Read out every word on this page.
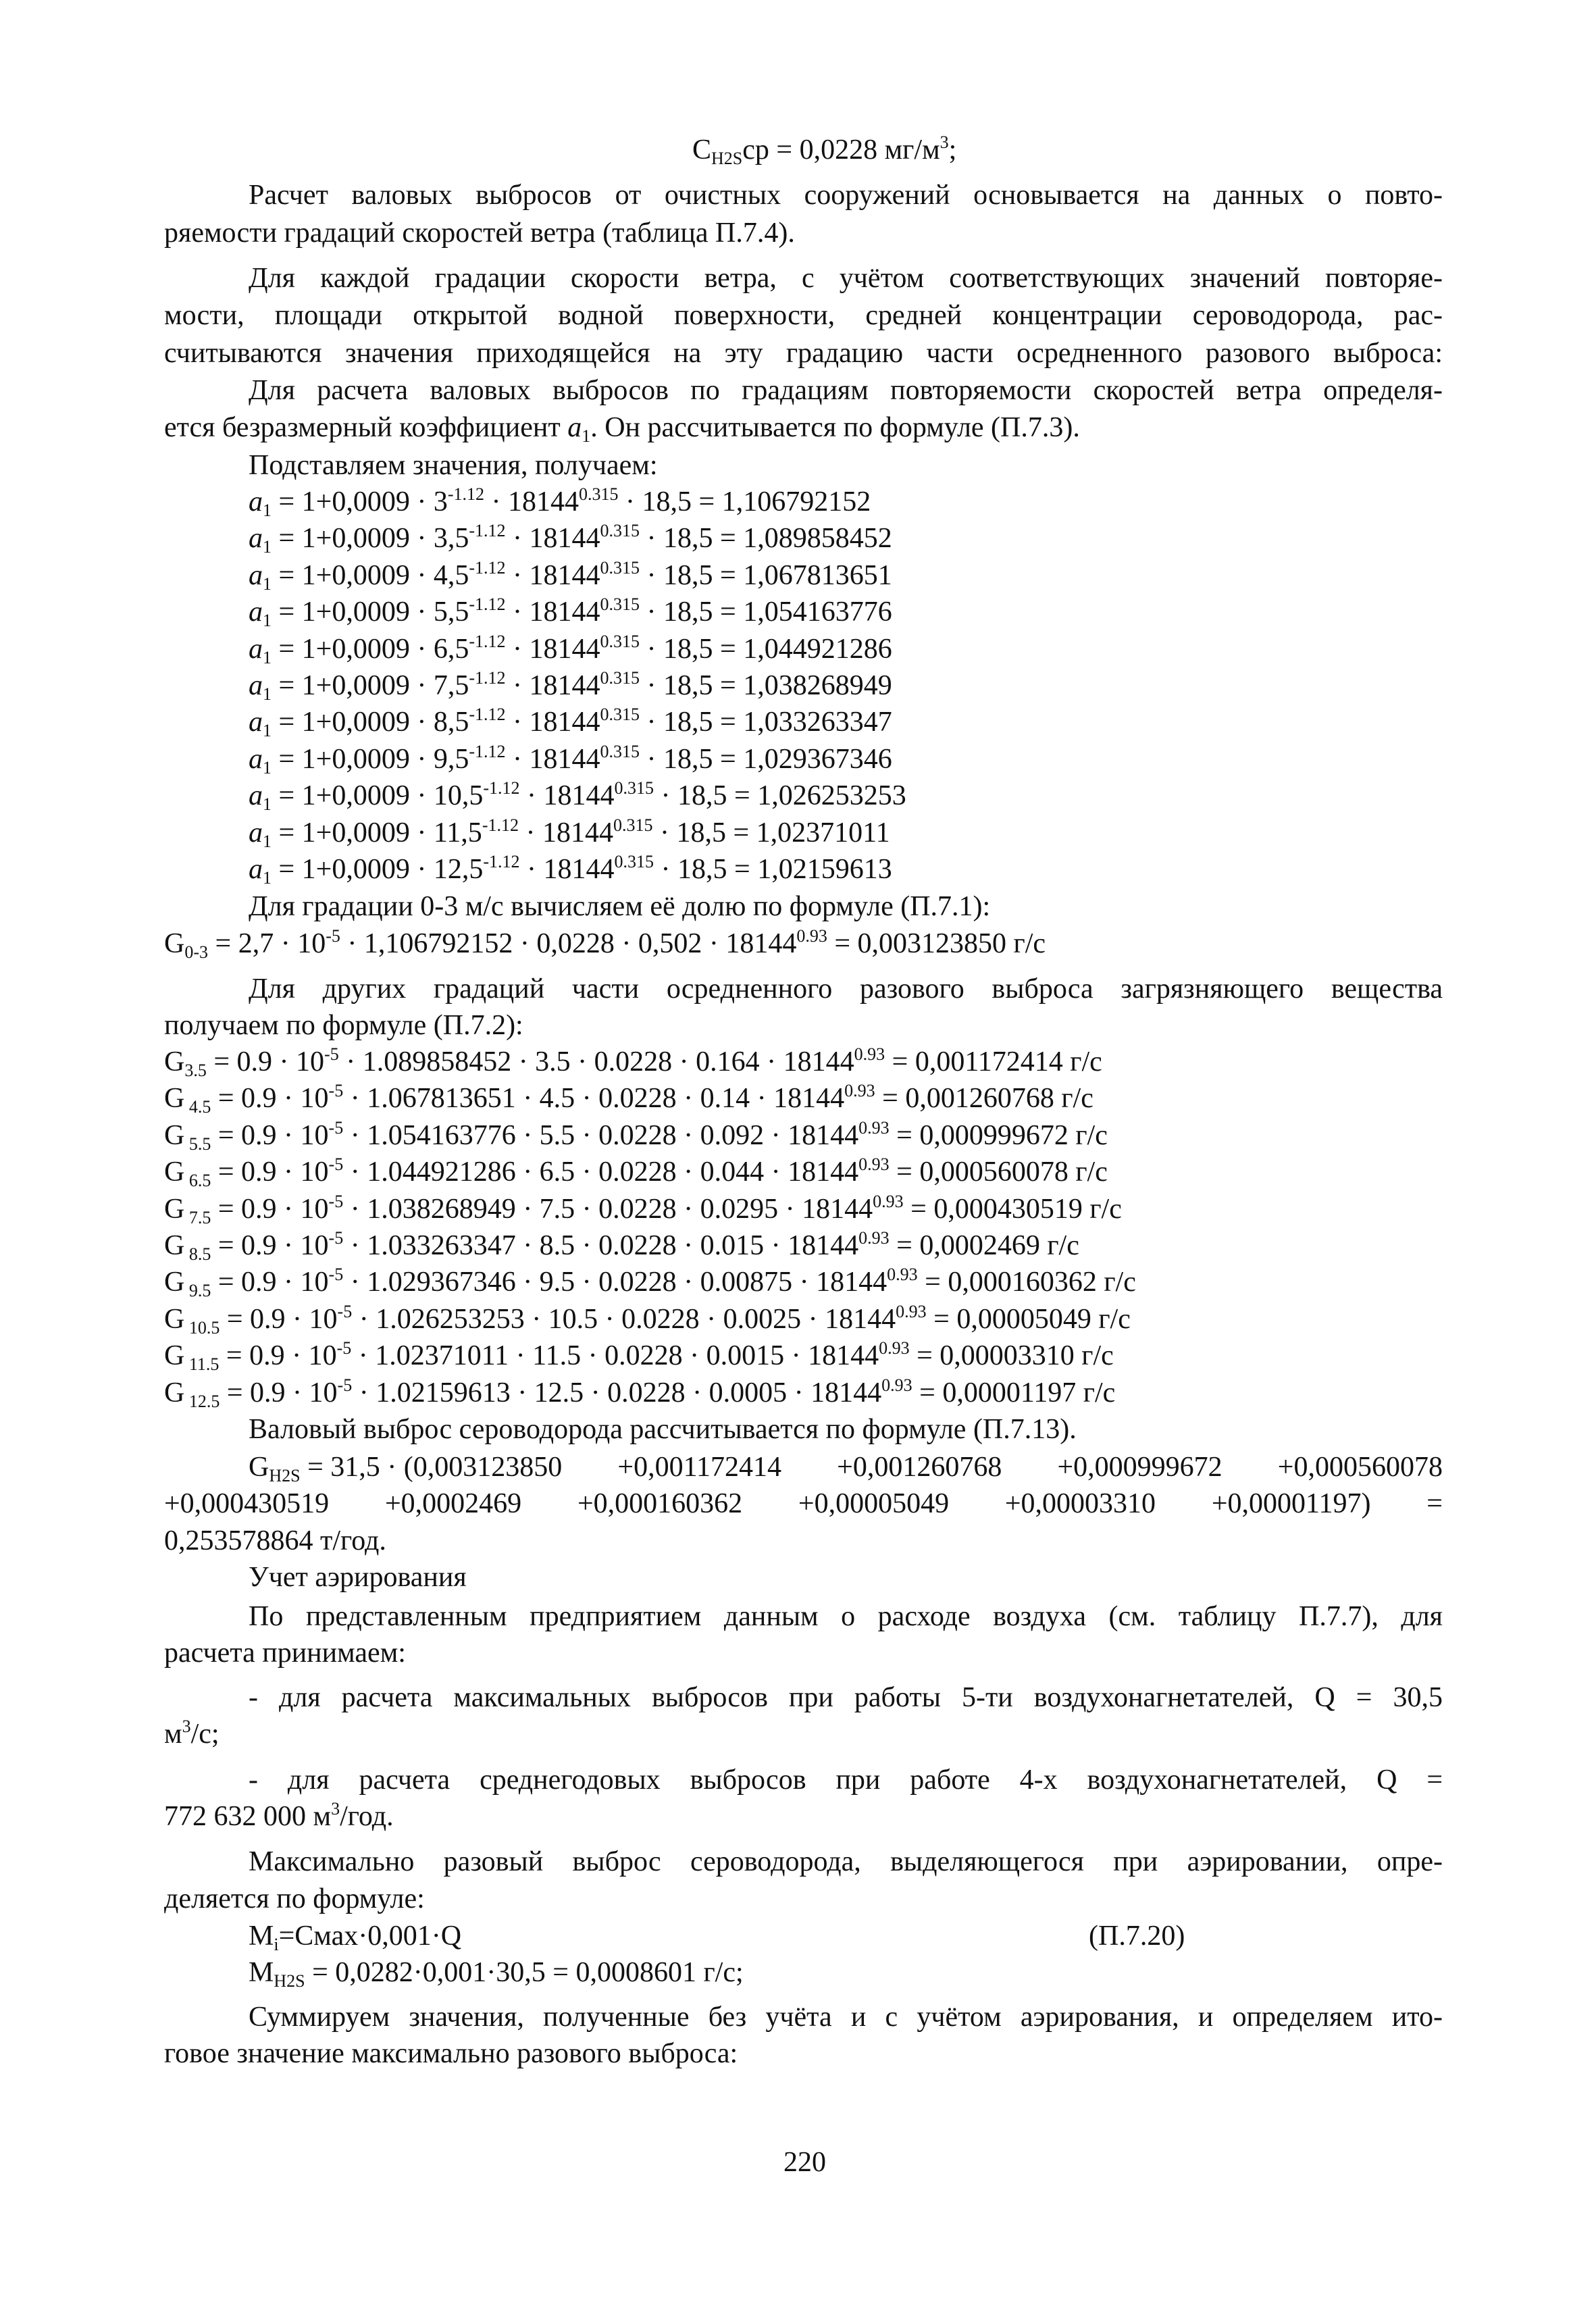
$C_{H2S}ср = 0,0228$ $мг/м^3$;
Расчет валовых выбросов от очистных сооружений основывается на данных о повто-
ряемости градаций скоростей ветра (таблица П.7.4).
Для каждой градации скорости ветра, с учётом соответствующих значений повторяе-
мости, площади открытой водной поверхности, средней концентрации сероводорода, рас-
считываются значения приходящейся на эту градацию части осредненного разового выброса:
Для расчета валовых выбросов по градациям повторяемости скоростей ветра определя-
ется безразмерный коэффициент $a_1$. Он рассчитывается по формуле (П.7.3).
Подставляем значения, получаем:
$a_1 = 1+0,0009 \cdot 3^{-1.12} \cdot 18144^{0.315} \cdot 18,5 = 1,106792152$
$a_1 = 1+0,0009 \cdot 3,5^{-1.12} \cdot 18144^{0.315} \cdot 18,5 = 1,089858452$
$a_1 = 1+0,0009 \cdot 4,5^{-1.12} \cdot 18144^{0.315} \cdot 18,5 = 1,067813651$
$a_1 = 1+0,0009 \cdot 5,5^{-1.12} \cdot 18144^{0.315} \cdot 18,5 = 1,054163776$
$a_1 = 1+0,0009 \cdot 6,5^{-1.12} \cdot 18144^{0.315} \cdot 18,5 = 1,044921286$
$a_1 = 1+0,0009 \cdot 7,5^{-1.12} \cdot 18144^{0.315} \cdot 18,5 = 1,038268949$
$a_1 = 1+0,0009 \cdot 8,5^{-1.12} \cdot 18144^{0.315} \cdot 18,5 = 1,033263347$
$a_1 = 1+0,0009 \cdot 9,5^{-1.12} \cdot 18144^{0.315} \cdot 18,5 = 1,029367346$
$a_1 = 1+0,0009 \cdot 10,5^{-1.12} \cdot 18144^{0.315} \cdot 18,5 = 1,026253253$
$a_1 = 1+0,0009 \cdot 11,5^{-1.12} \cdot 18144^{0.315} \cdot 18,5 = 1,02371011$
$a_1 = 1+0,0009 \cdot 12,5^{-1.12} \cdot 18144^{0.315} \cdot 18,5 = 1,02159613$
Для градации 0-3 м/с вычисляем её долю по формуле (П.7.1):
$G_{0-3} = 2,7 \cdot 10^{-5} \cdot 1,106792152 \cdot 0,0228 \cdot 0,502 \cdot 18144^{0.93} = 0,003123850$ г/с
Для других градаций части осредненного разового выброса загрязняющего вещества
получаем по формуле (П.7.2):
$G_{3.5} = 0.9 \cdot 10^{-5} \cdot 1.089858452 \cdot 3.5 \cdot 0.0228 \cdot 0.164 \cdot 18144^{0.93} = 0,001172414$ г/с
G $_{4.5} = 0.9 \cdot 10^{-5} \cdot 1.067813651 \cdot 4.5 \cdot 0.0228 \cdot 0.14 \cdot 18144^{0.93} = 0,001260768$ г/с
G $_{5.5} = 0.9 \cdot 10^{-5} \cdot 1.054163776 \cdot 5.5 \cdot 0.0228 \cdot 0.092 \cdot 18144^{0.93} = 0,000999672$ г/с
G $_{6.5} = 0.9 \cdot 10^{-5} \cdot 1.044921286 \cdot 6.5 \cdot 0.0228 \cdot 0.044 \cdot 18144^{0.93} = 0,000560078$ г/с
G $_{7.5} = 0.9 \cdot 10^{-5} \cdot 1.038268949 \cdot 7.5 \cdot 0.0228 \cdot 0.0295 \cdot 18144^{0.93} = 0,000430519$ г/с
G $_{8.5} = 0.9 \cdot 10^{-5} \cdot 1.033263347 \cdot 8.5 \cdot 0.0228 \cdot 0.015 \cdot 18144^{0.93} = 0,0002469$ г/с
G $_{9.5} = 0.9 \cdot 10^{-5} \cdot 1.029367346 \cdot 9.5 \cdot 0.0228 \cdot 0.00875 \cdot 18144^{0.93} = 0,000160362$ г/с
G $_{10.5} = 0.9 \cdot 10^{-5} \cdot 1.026253253 \cdot 10.5 \cdot 0.0228 \cdot 0.0025 \cdot 18144^{0.93} = 0,00005049$ г/с
G $_{11.5} = 0.9 \cdot 10^{-5} \cdot 1.02371011 \cdot 11.5 \cdot 0.0228 \cdot 0.0015 \cdot 18144^{0.93} = 0,00003310$ г/с
G $_{12.5} = 0.9 \cdot 10^{-5} \cdot 1.02159613 \cdot 12.5 \cdot 0.0228 \cdot 0.0005 \cdot 18144^{0.93} = 0,00001197$ г/с
Валовый выброс сероводорода рассчитывается по формуле (П.7.13).
$G_{H2S} = 31,5 \cdot (0,003123850 +0,001172414 +0,001260768 +0,000999672 +0,000560078$
+0,000430519 +0,0002469 +0,000160362 +0,00005049 +0,00003310 +0,00001197) =
0,253578864 т/год.
Учет аэрирования
По представленным предприятием данным о расходе воздуха (см. таблицу П.7.7), для
расчета принимаем:
- для расчета максимальных выбросов при работы 5-ти воздухонагнетателей, Q = 30,5
$м^3/с$;
- для расчета среднегодовых выбросов при работе 4-х воздухонагнетателей, Q =
772 632 000 $м^3$/год.
Максимально разовый выброс сероводорода, выделяющегося при аэрировании, опре-
деляется по формуле:
$M_i=Cмах\cdot 0,001\cdot Q$	(П.7.20)
$M_{H2S} = 0,0282\cdot 0,001\cdot 30,5 = 0,0008601$ г/с;
Суммируем значения, полученные без учёта и с учётом аэрирования, и определяем ито-
говое значение максимально разового выброса:
220
